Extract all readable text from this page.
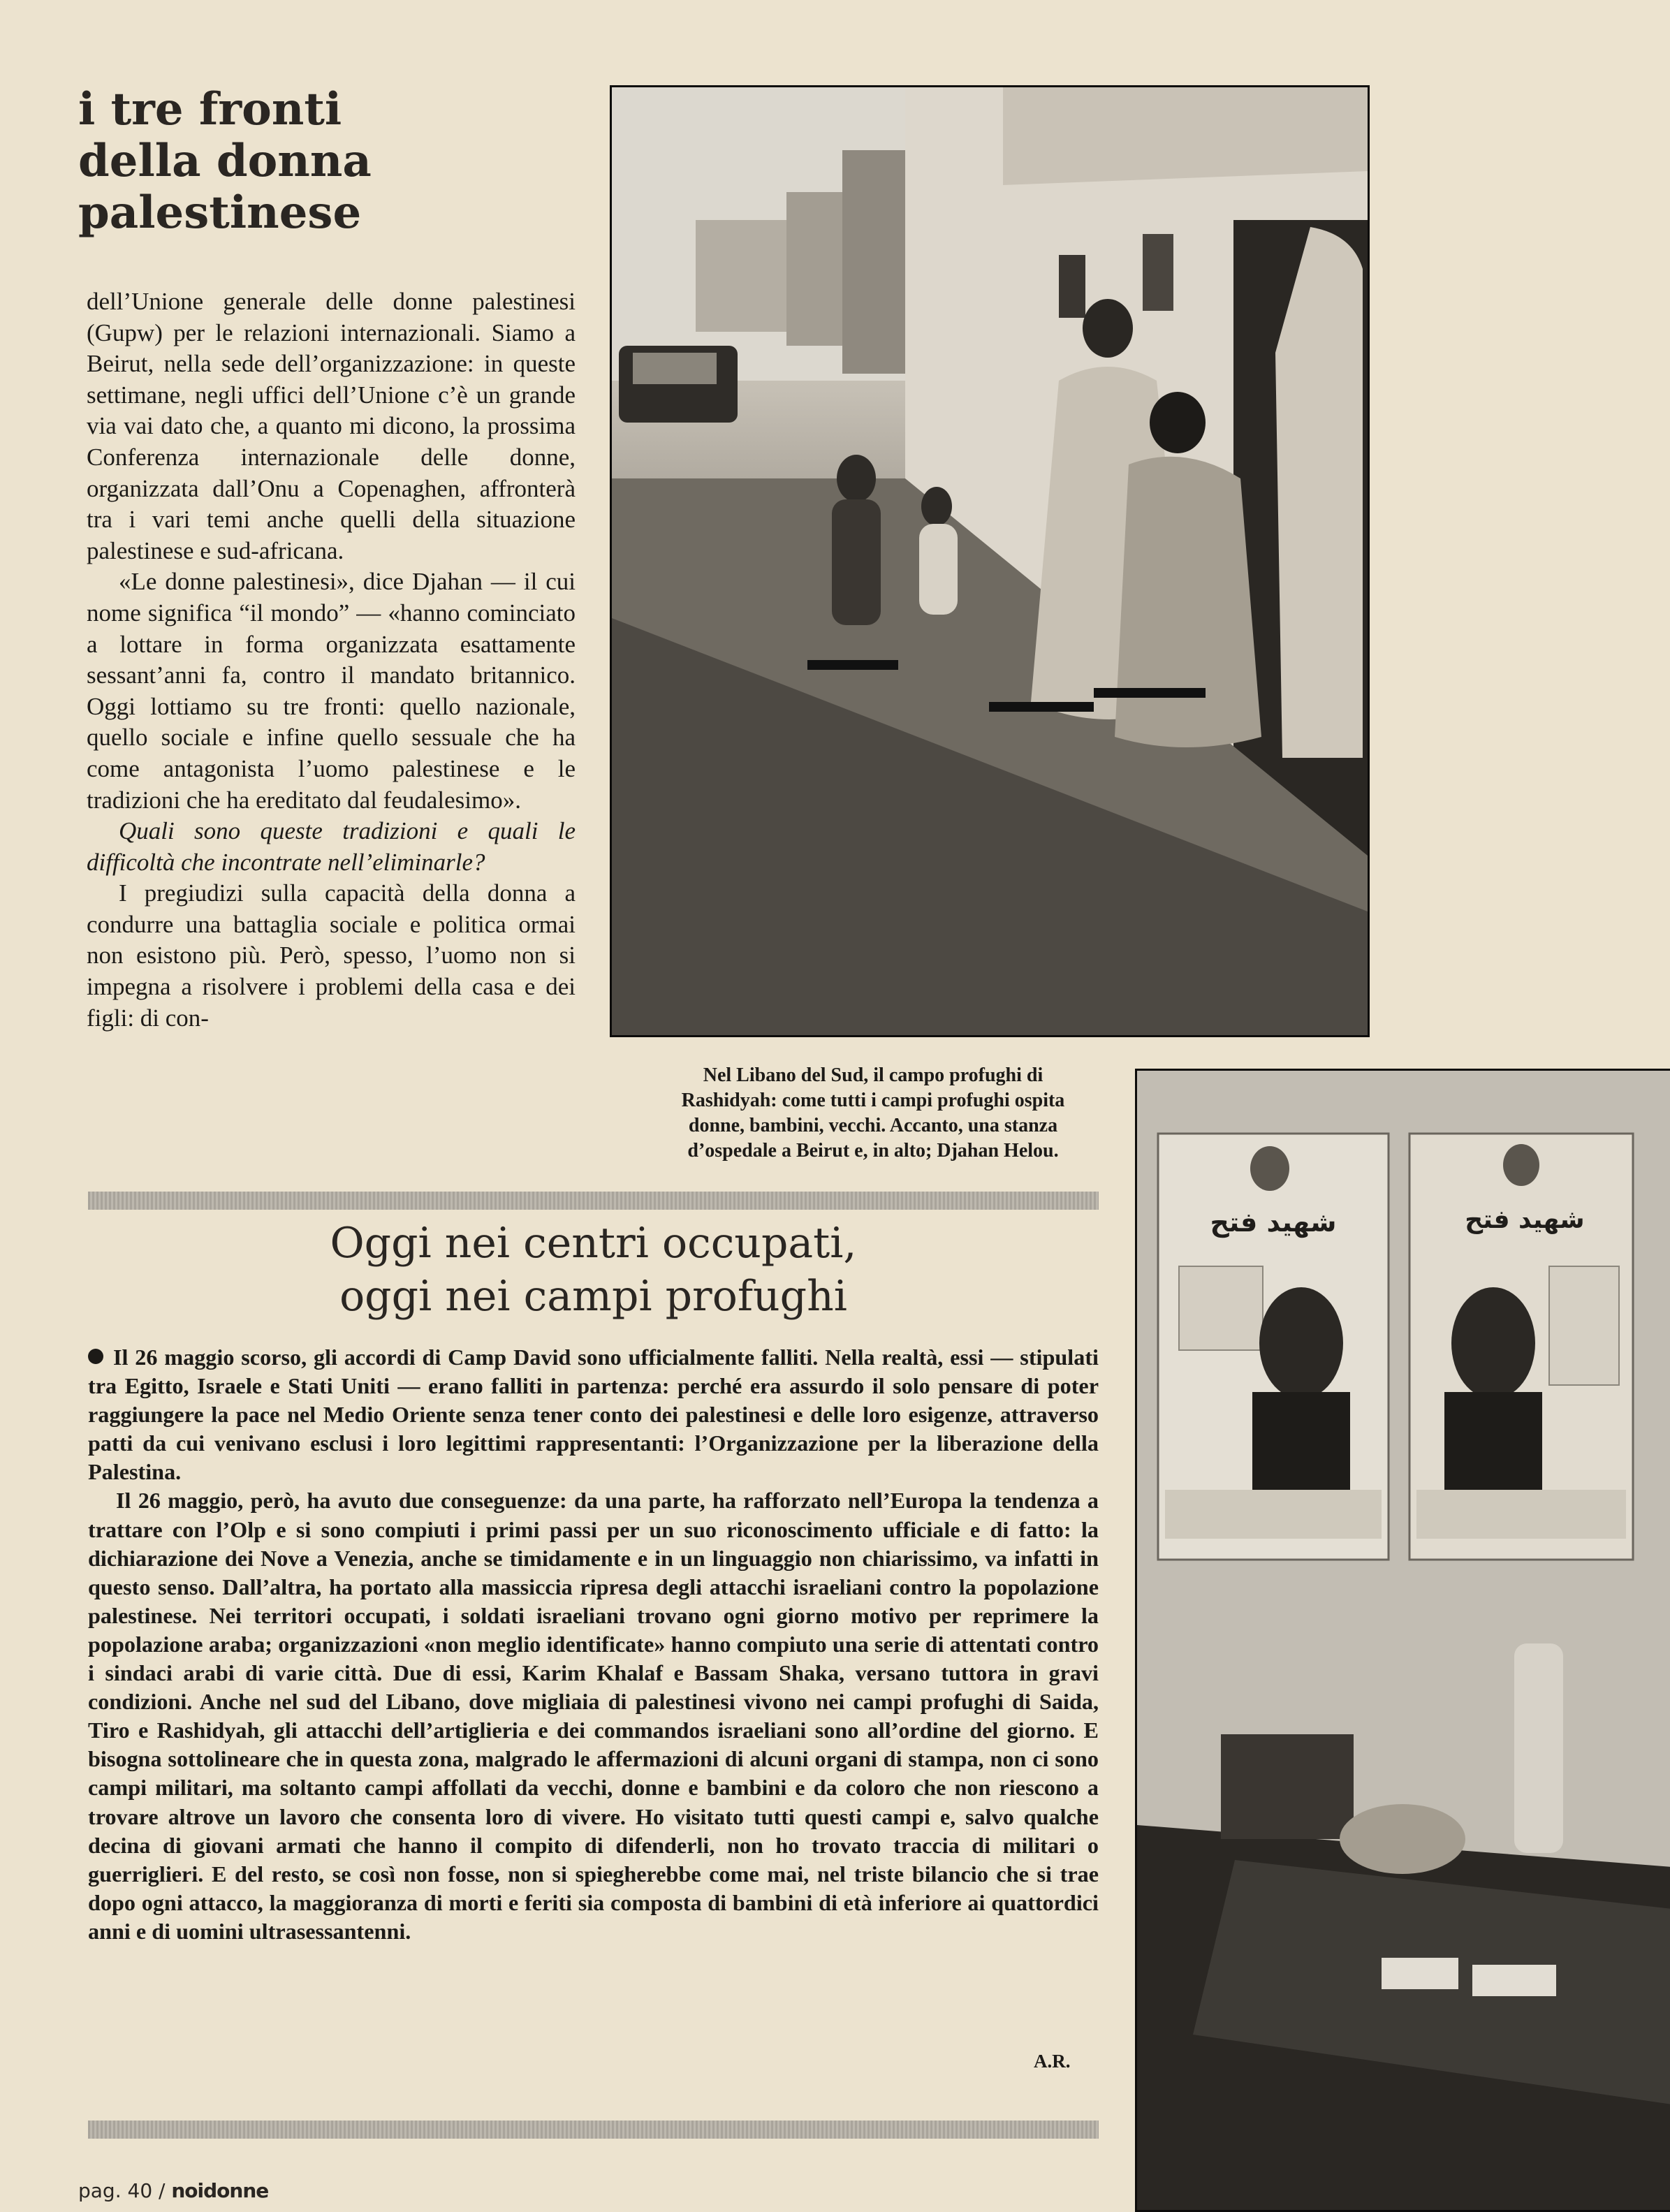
i tre fronti
della donna
palestinese

dell’Unione generale delle donne palestinesi (Gupw) per le relazioni internazionali. Siamo a Beirut, nella sede dell’organizzazione: in queste settimane, negli uffici dell’Unione c’è un grande via vai dato che, a quanto mi dicono, la prossima Conferenza internazionale delle donne, organizzata dall’Onu a Copenaghen, affronterà tra i vari temi anche quelli della situazione palestinese e sud-africana.

«Le donne palestinesi», dice Djahan — il cui nome significa “il mondo” — «hanno cominciato a lottare in forma organizzata esattamente sessant’anni fa, contro il mandato britannico. Oggi lottiamo su tre fronti: quello nazionale, quello sociale e infine quello sessuale che ha come antagonista l’uomo palestinese e le tradizioni che ha ereditato dal feudalesimo».

Quali sono queste tradizioni e quali le difficoltà che incontrate nell’eliminarle?

I pregiudizi sulla capacità della donna a condurre una battaglia sociale e politica ormai non esistono più. Però, spesso, l’uomo non si impegna a risolvere i problemi della casa e dei figli: di con-

Nel Libano del Sud, il campo profughi di
Rashidyah: come tutti i campi profughi ospita
donne, bambini, vecchi. Accanto, una stanza
d’ospedale a Beirut e, in alto; Djahan Helou.
شهيد فتح	شهيد فتح
Oggi nei centri occupati,
oggi nei campi profughi

Il 26 maggio scorso, gli accordi di Camp David sono ufficialmente falliti. Nella realtà, essi — stipulati tra Egitto, Israele e Stati Uniti — erano falliti in partenza: perché era assurdo il solo pensare di poter raggiungere la pace nel Medio Oriente senza tener conto dei palestinesi e delle loro esigenze, attraverso patti da cui venivano esclusi i loro legittimi rappresentanti: l’Organizzazione per la liberazione della Palestina.

Il 26 maggio, però, ha avuto due conseguenze: da una parte, ha rafforzato nell’Europa la tendenza a trattare con l’Olp e si sono compiuti i primi passi per un suo riconoscimento ufficiale e di fatto: la dichiarazione dei Nove a Venezia, anche se timidamente e in un linguaggio non chiarissimo, va infatti in questo senso. Dall’altra, ha portato alla massiccia ripresa degli attacchi israeliani contro la popolazione palestinese. Nei territori occupati, i soldati israeliani trovano ogni giorno motivo per reprimere la popolazione araba; organizzazioni «non meglio identificate» hanno compiuto una serie di attentati contro i sindaci arabi di varie città. Due di essi, Karim Khalaf e Bassam Shaka, versano tuttora in gravi condizioni. Anche nel sud del Libano, dove migliaia di palestinesi vivono nei campi profughi di Saida, Tiro e Rashidyah, gli attacchi dell’artiglieria e dei commandos israeliani sono all’ordine del giorno. E bisogna sottolineare che in questa zona, malgrado le affermazioni di alcuni organi di stampa, non ci sono campi militari, ma soltanto campi affollati da vecchi, donne e bambini e da coloro che non riescono a trovare altrove un lavoro che consenta loro di vivere. Ho visitato tutti questi campi e, salvo qualche decina di giovani armati che hanno il compito di difenderli, non ho trovato traccia di militari o guerriglieri. E del resto, se così non fosse, non si spiegherebbe come mai, nel triste bilancio che si trae dopo ogni attacco, la maggioranza di morti e feriti sia composta di bambini di età inferiore ai quattordici anni e di uomini ultrasessantenni.

A.R.
pag. 40 / noidonne
